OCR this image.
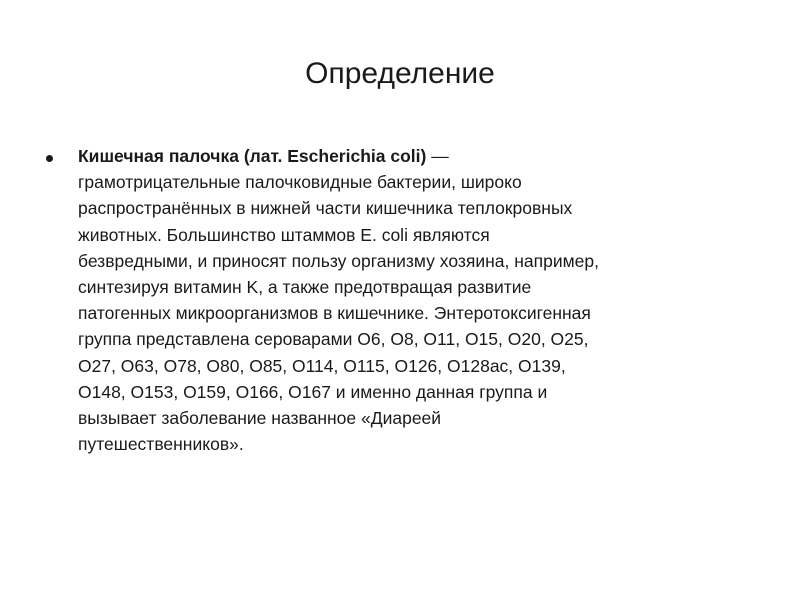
Определение
Кишечная палочка (лат. Escherichia coli) —
грамотрицательные палочковидные бактерии, широко
распространённых в нижней части кишечника теплокровных
животных. Большинство штаммов E. coli являются
безвредными, и приносят пользу организму хозяина, например,
синтезируя витамин K, а также предотвращая развитие
патогенных микроорганизмов в кишечнике. Энтеротоксигенная
группа представлена сероварами O6, O8, O11, O15, O20, O25,
O27, O63, O78, O80, O85, O114, O115, O126, O128ac, O139,
O148, O153, O159, O166, O167 и именно данная группа и
вызывает заболевание названное «Диареей
путешественников».
